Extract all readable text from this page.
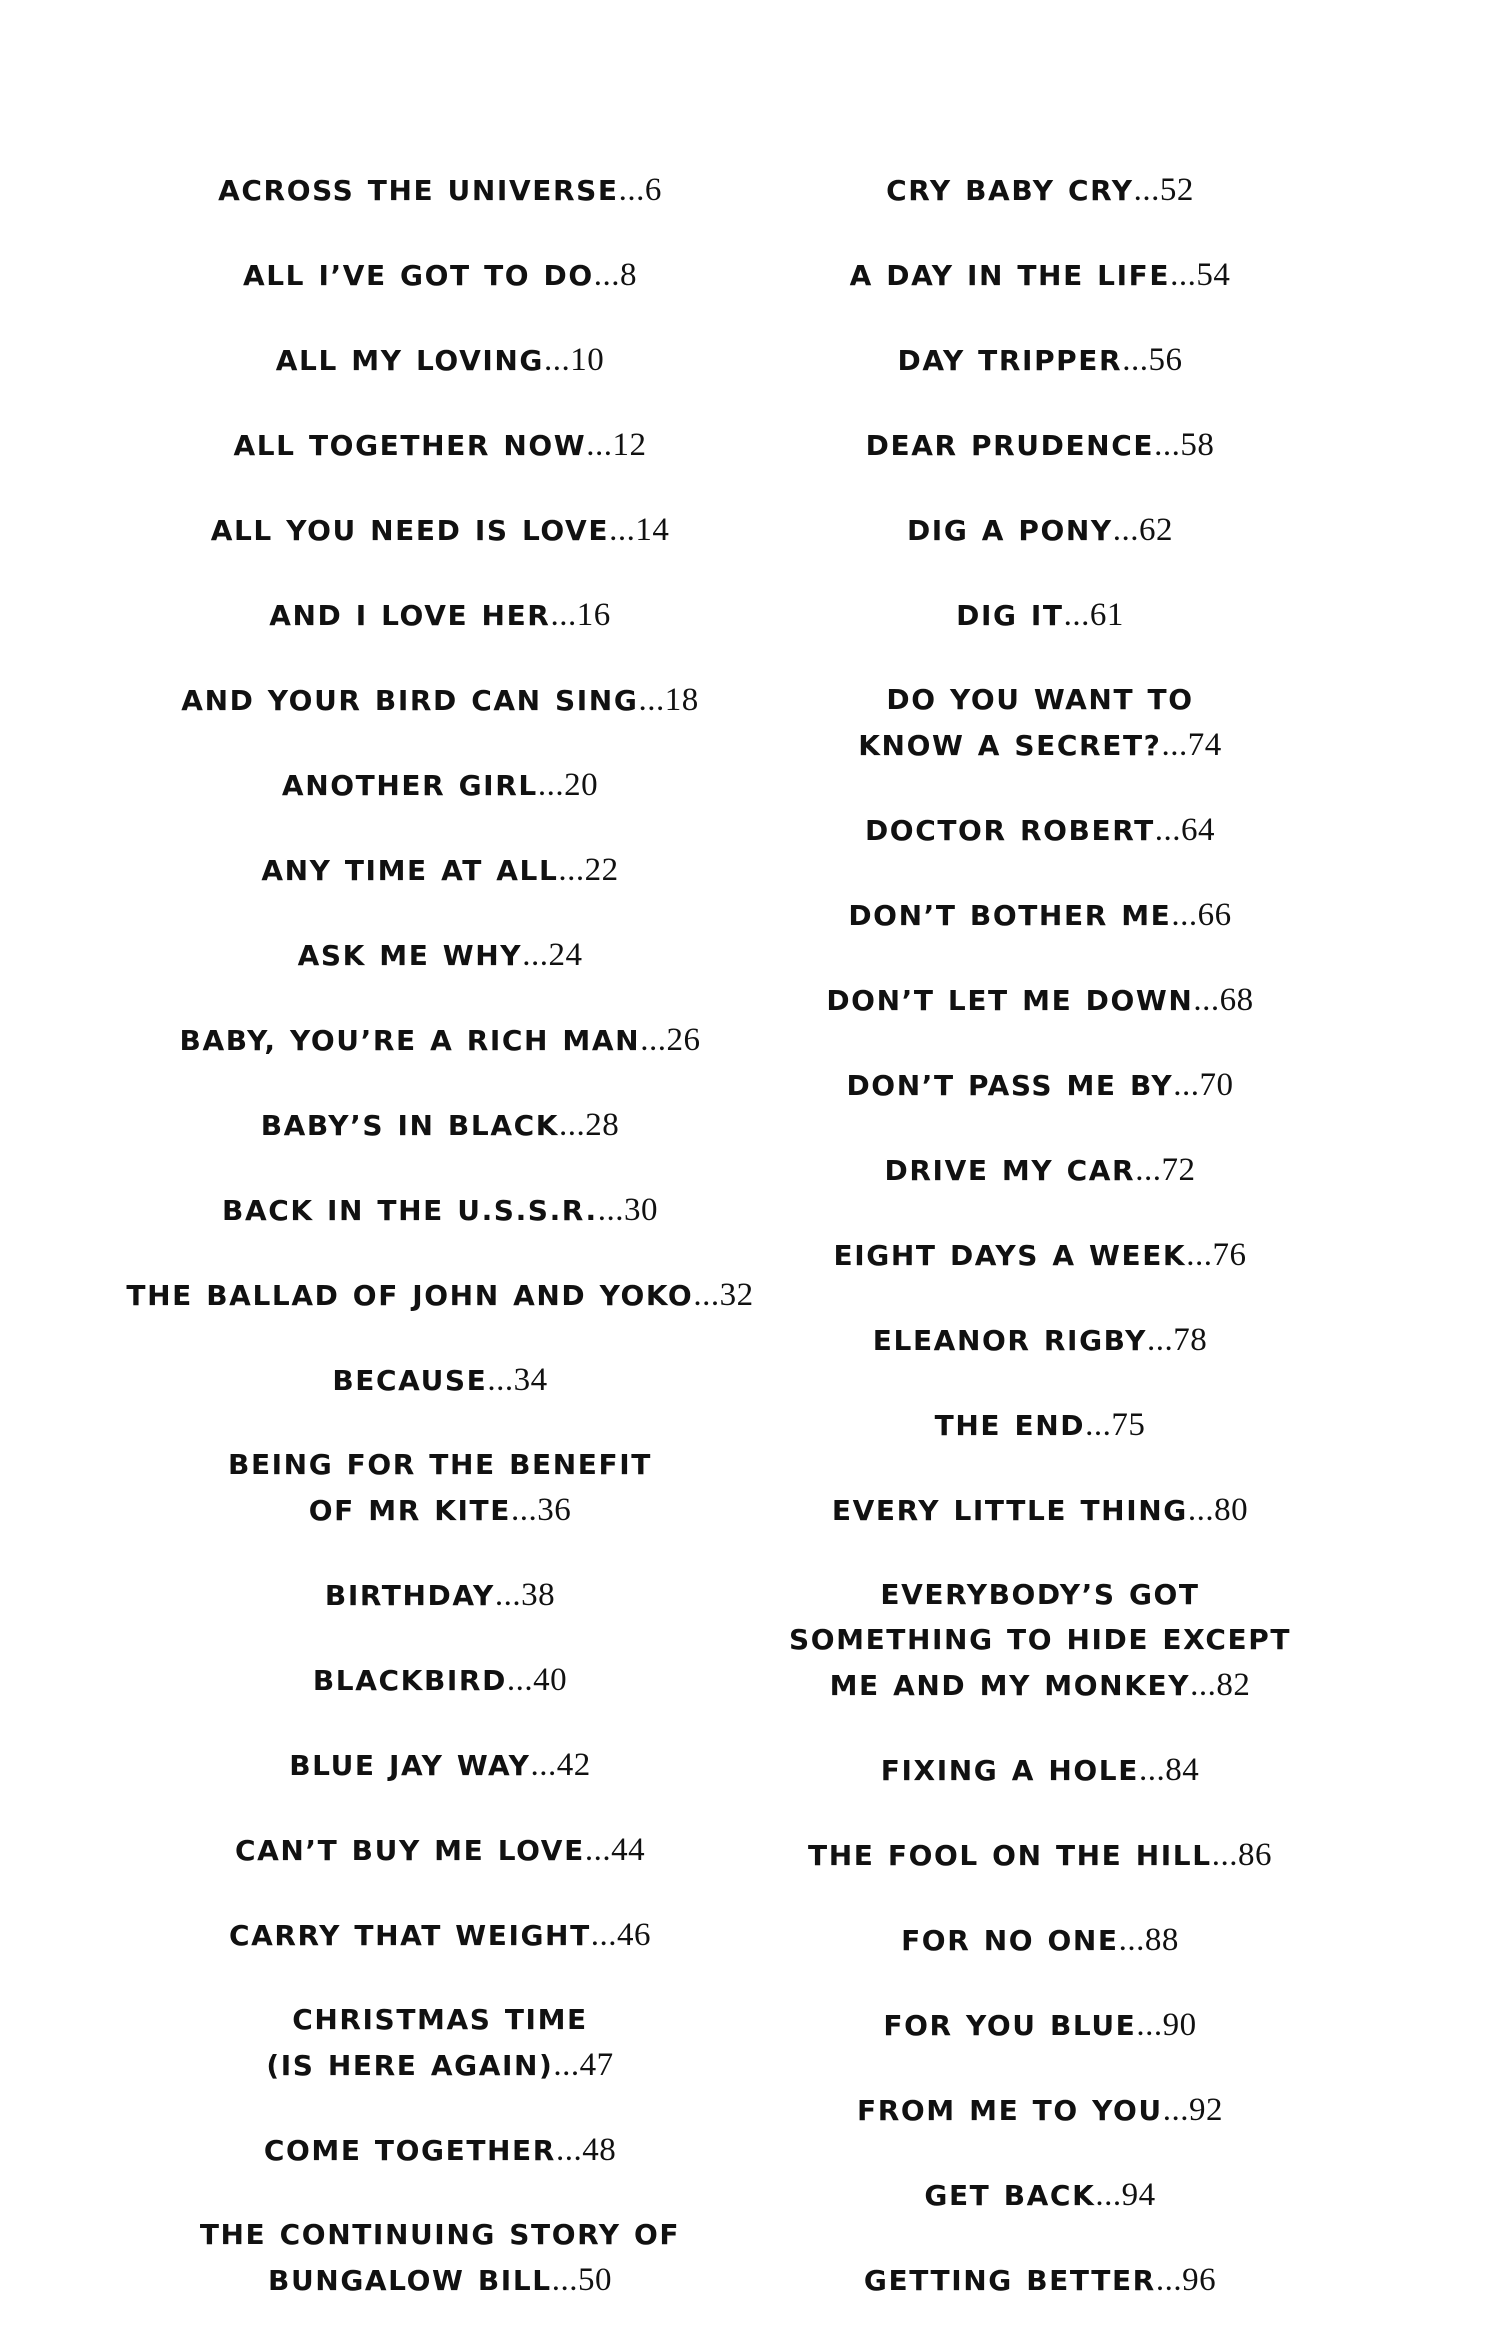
ACROSS THE UNIVERSE...6
ALL I’VE GOT TO DO...8
ALL MY LOVING...10
ALL TOGETHER NOW...12
ALL YOU NEED IS LOVE...14
AND I LOVE HER...16
AND YOUR BIRD CAN SING...18
ANOTHER GIRL...20
ANY TIME AT ALL...22
ASK ME WHY...24
BABY, YOU’RE A RICH MAN...26
BABY’S IN BLACK...28
BACK IN THE U.S.S.R....30
THE BALLAD OF JOHN AND YOKO...32
BECAUSE...34
BEING FOR THE BENEFIT
OF MR KITE...36
BIRTHDAY...38
BLACKBIRD...40
BLUE JAY WAY...42
CAN’T BUY ME LOVE...44
CARRY THAT WEIGHT...46
CHRISTMAS TIME
(IS HERE AGAIN)...47
COME TOGETHER...48
THE CONTINUING STORY OF
BUNGALOW BILL...50
CRY BABY CRY...52
A DAY IN THE LIFE...54
DAY TRIPPER...56
DEAR PRUDENCE...58
DIG A PONY...62
DIG IT...61
DO YOU WANT TO
KNOW A SECRET?...74
DOCTOR ROBERT...64
DON’T BOTHER ME...66
DON’T LET ME DOWN...68
DON’T PASS ME BY...70
DRIVE MY CAR...72
EIGHT DAYS A WEEK...76
ELEANOR RIGBY...78
THE END...75
EVERY LITTLE THING...80
EVERYBODY’S GOT
SOMETHING TO HIDE EXCEPT
ME AND MY MONKEY...82
FIXING A HOLE...84
THE FOOL ON THE HILL...86
FOR NO ONE...88
FOR YOU BLUE...90
FROM ME TO YOU...92
GET BACK...94
GETTING BETTER...96
